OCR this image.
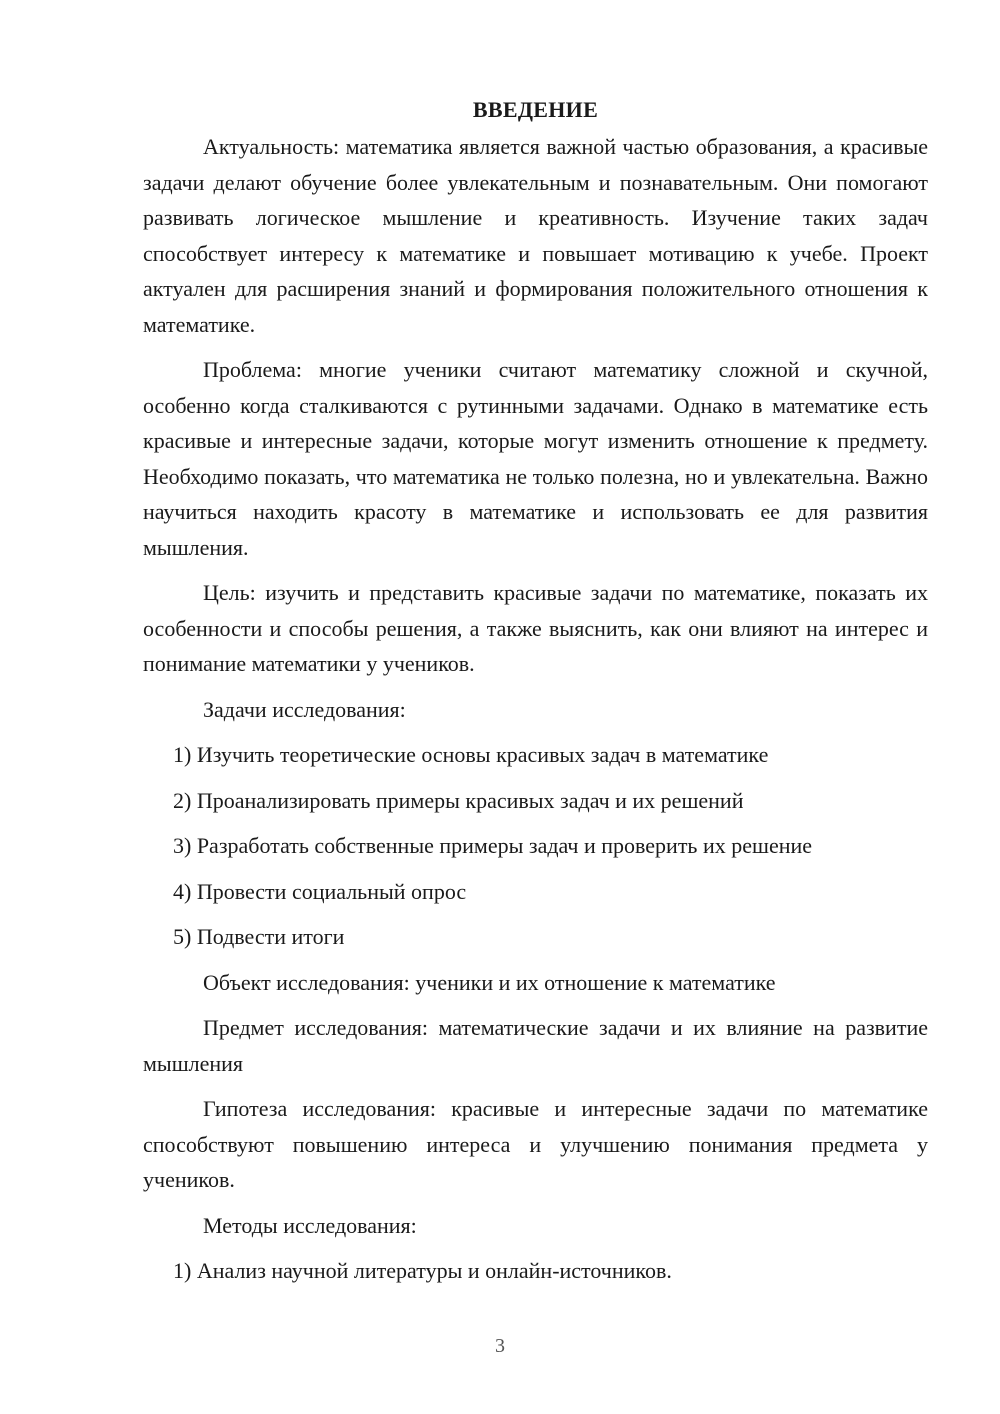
ВВЕДЕНИЕ

Актуальность: математика является важной частью образования, а красивые задачи делают обучение более увлекательным и познавательным. Они помогают развивать логическое мышление и креативность. Изучение таких задач способствует интересу к математике и повышает мотивацию к учебе. Проект актуален для расширения знаний и формирования положительного отношения к математике.

Проблема: многие ученики считают математику сложной и скучной, особенно когда сталкиваются с рутинными задачами. Однако в математике есть красивые и интересные задачи, которые могут изменить отношение к предмету. Необходимо показать, что математика не только полезна, но и увлекательна. Важно научиться находить красоту в математике и использовать ее для развития мышления.

Цель: изучить и представить красивые задачи по математике, показать их особенности и способы решения, а также выяснить, как они влияют на интерес и понимание математики у учеников.

Задачи исследования:
1) Изучить теоретические основы красивых задач в математике
2) Проанализировать примеры красивых задач и их решений
3) Разработать собственные примеры задач и проверить их решение
4) Провести социальный опрос
5) Подвести итоги

Объект исследования: ученики и их отношение к математике

Предмет исследования: математические задачи и их влияние на развитие мышления

Гипотеза исследования: красивые и интересные задачи по математике способствуют повышению интереса и улучшению понимания предмета у учеников.

Методы исследования:
1) Анализ научной литературы и онлайн-источников.
3
